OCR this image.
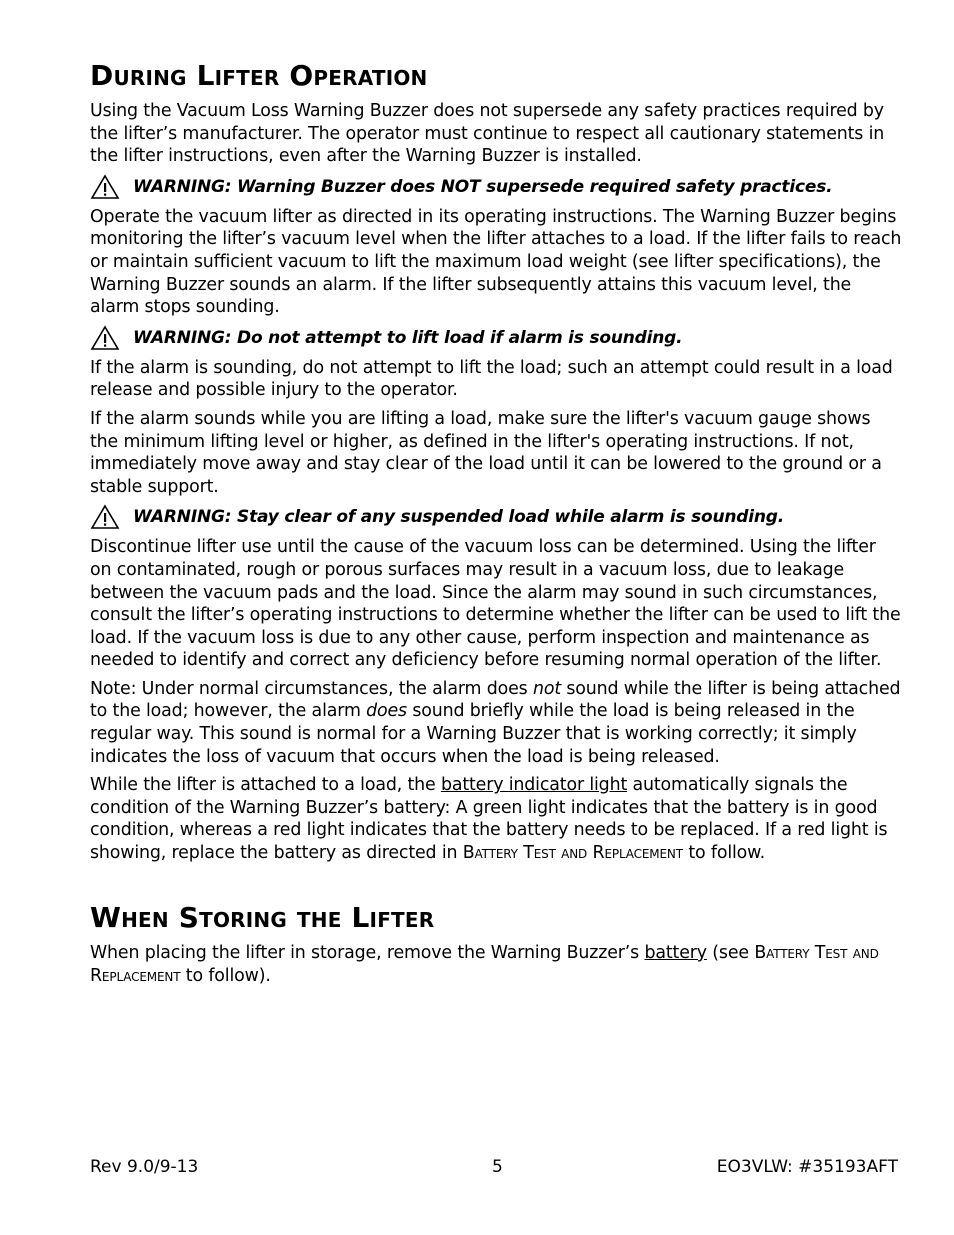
During Lifter Operation

Using the Vacuum Loss Warning Buzzer does not supersede any safety practices required by the lifter’s manufacturer. The operator must continue to respect all cautionary statements in the lifter instructions, even after the Warning Buzzer is installed.

WARNING: Warning Buzzer does NOT supersede required safety practices.

Operate the vacuum lifter as directed in its operating instructions. The Warning Buzzer begins monitoring the lifter’s vacuum level when the lifter attaches to a load. If the lifter fails to reach or maintain sufficient vacuum to lift the maximum load weight (see lifter specifications), the Warning Buzzer sounds an alarm. If the lifter subsequently attains this vacuum level, the alarm stops sounding.

WARNING: Do not attempt to lift load if alarm is sounding.

If the alarm is sounding, do not attempt to lift the load; such an attempt could result in a load release and possible injury to the operator.

If the alarm sounds while you are lifting a load, make sure the lifter's vacuum gauge shows the minimum lifting level or higher, as defined in the lifter's operating instructions. If not, immediately move away and stay clear of the load until it can be lowered to the ground or a stable support.

WARNING: Stay clear of any suspended load while alarm is sounding.

Discontinue lifter use until the cause of the vacuum loss can be determined. Using the lifter on contaminated, rough or porous surfaces may result in a vacuum loss, due to leakage between the vacuum pads and the load. Since the alarm may sound in such circumstances, consult the lifter’s operating instructions to determine whether the lifter can be used to lift the load. If the vacuum loss is due to any other cause, perform inspection and maintenance as needed to identify and correct any deficiency before resuming normal operation of the lifter.

Note: Under normal circumstances, the alarm does not sound while the lifter is being attached to the load; however, the alarm does sound briefly while the load is being released in the regular way. This sound is normal for a Warning Buzzer that is working correctly; it simply indicates the loss of vacuum that occurs when the load is being released.

While the lifter is attached to a load, the battery indicator light automatically signals the condition of the Warning Buzzer’s battery: A green light indicates that the battery is in good condition, whereas a red light indicates that the battery needs to be replaced. If a red light is showing, replace the battery as directed in Battery Test and Replacement to follow.

When Storing the Lifter

When placing the lifter in storage, remove the Warning Buzzer’s battery (see Battery Test and Replacement to follow).

Rev 9.0/9-13	5	EO3VLW: #35193AFT
